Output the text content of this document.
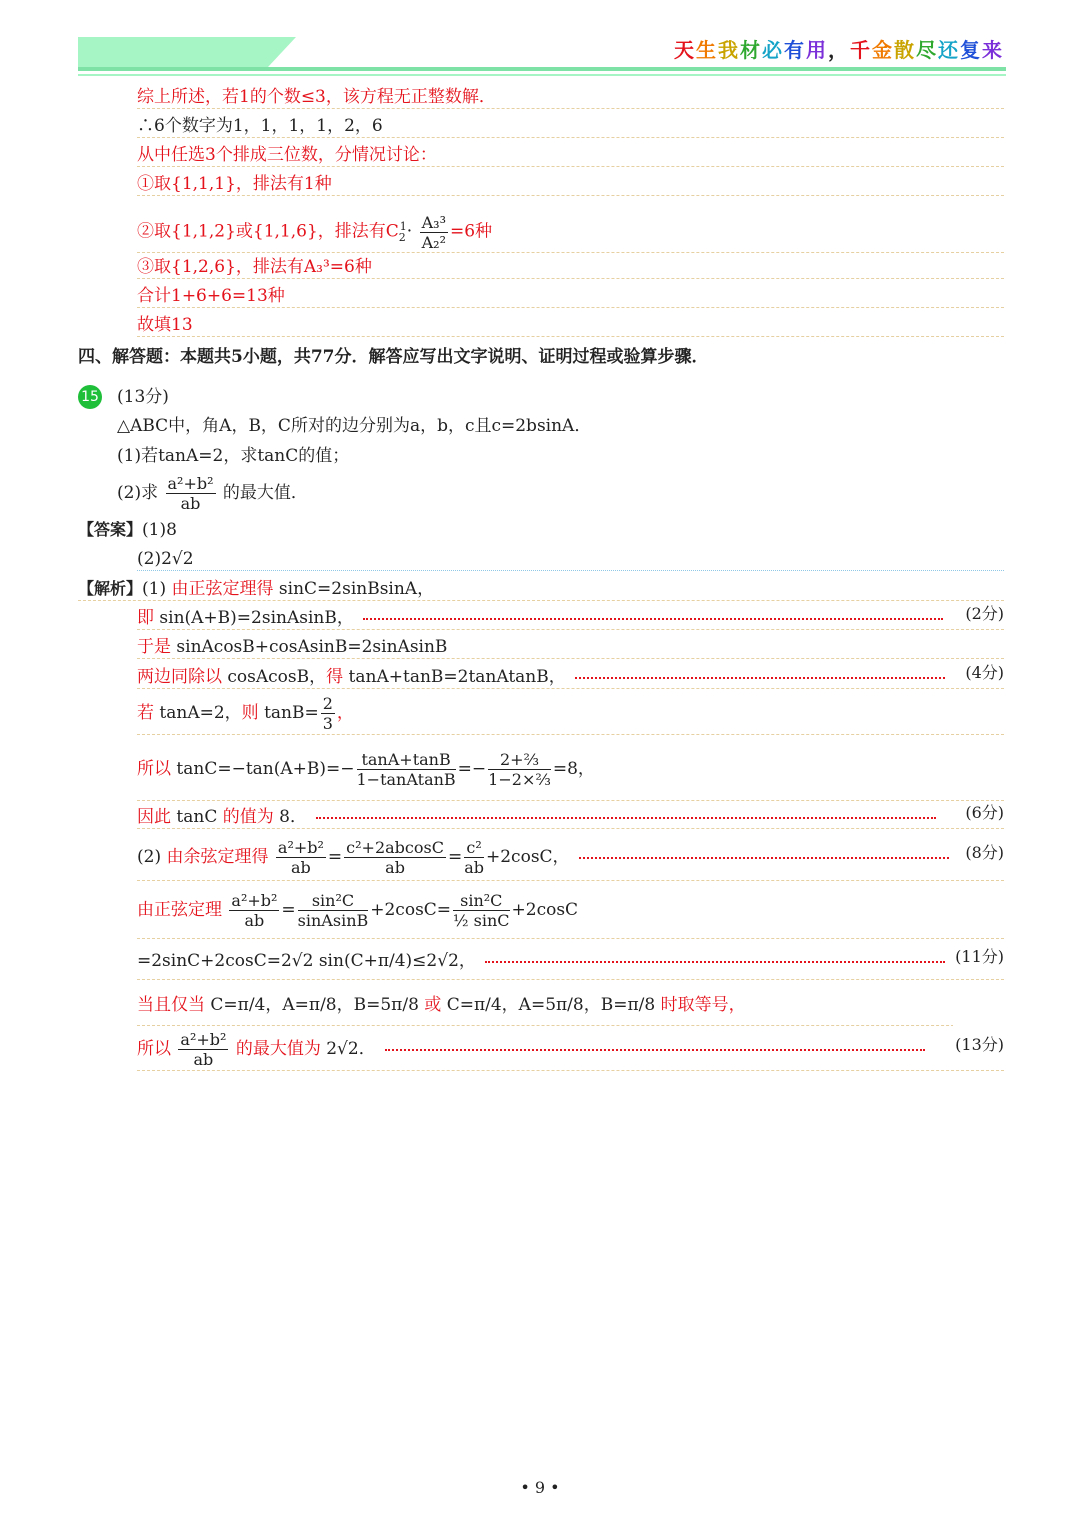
天生我材必有用，千金散尽还复来
综上所述，若1的个数≤3，该方程无正整数解．
∴6个数字为1，1，1，1，2，6
从中任选3个排成三位数，分情况讨论：
①取{1,1,1}，排法有1种
②取{1,1,2}或{1,1,6}，排法有$C_2^1\cdot \frac{\text{A₃³}}{\text{A₂²}} =6$种
③取{1,2,6}，排法有A₃³=6种
合计1+6+6=13种
故填13
四、解答题：本题共5小题，共77分．解答应写出文字说明、证明过程或验算步骤．
15 (13分)
△ABC中，角A，B，C所对的边分别为a，b，c且c=2bsinA．
(1)若tanA=2，求tanC的值；
(2)求 $\frac{\text{a²+b²}}{ab}$ 的最大值．
【答案】(1)8
(2)2√2
【解析】(1) 由正弦定理得 sinC=2sinBsinA，
即 sin(A+B)=2sinAsinB，	(2分)
于是 sinAcosB+cosAsinB=2sinAsinB
两边同除以 cosAcosB，得 tanA+tanB=2tanAtanB，	(4分)
若 tanA=2，则 $\tan B= \frac{2}{3}$ ，
所以 $\tan C=-\tan(A+B)=- \frac{\tan A+\tan B}{\text{1−tanAtanB}} =- \frac{\text{2+⅔}}{\text{1−2×⅔}} =8$，
因此 tanC 的值为 8．	(6分)
(2) 由余弦定理得 $\frac{\text{a²+b²}}{ab} = \frac{\text{c²+2abcosC}}{ab} = \frac{\text{c²}}{ab} +2\cos C$，	(8分)
由正弦定理 $\frac{\text{a²+b²}}{ab} = \frac{\text{sin²C}}{\text{sinAsinB}} +2\cos C= \frac{\text{sin²C}}{\text{½ sinC}} +2\cos C$
=2sinC+2cosC=2√2 sin(C+π/4)≤2√2，	(11分)
当且仅当 C=π/4，A=π/8，B=5π/8 或 C=π/4，A=5π/8，B=π/8 时取等号，
所以 $\frac{\text{a²+b²}}{ab}$ 的最大值为 2√2．	(13分)
• 9 •
